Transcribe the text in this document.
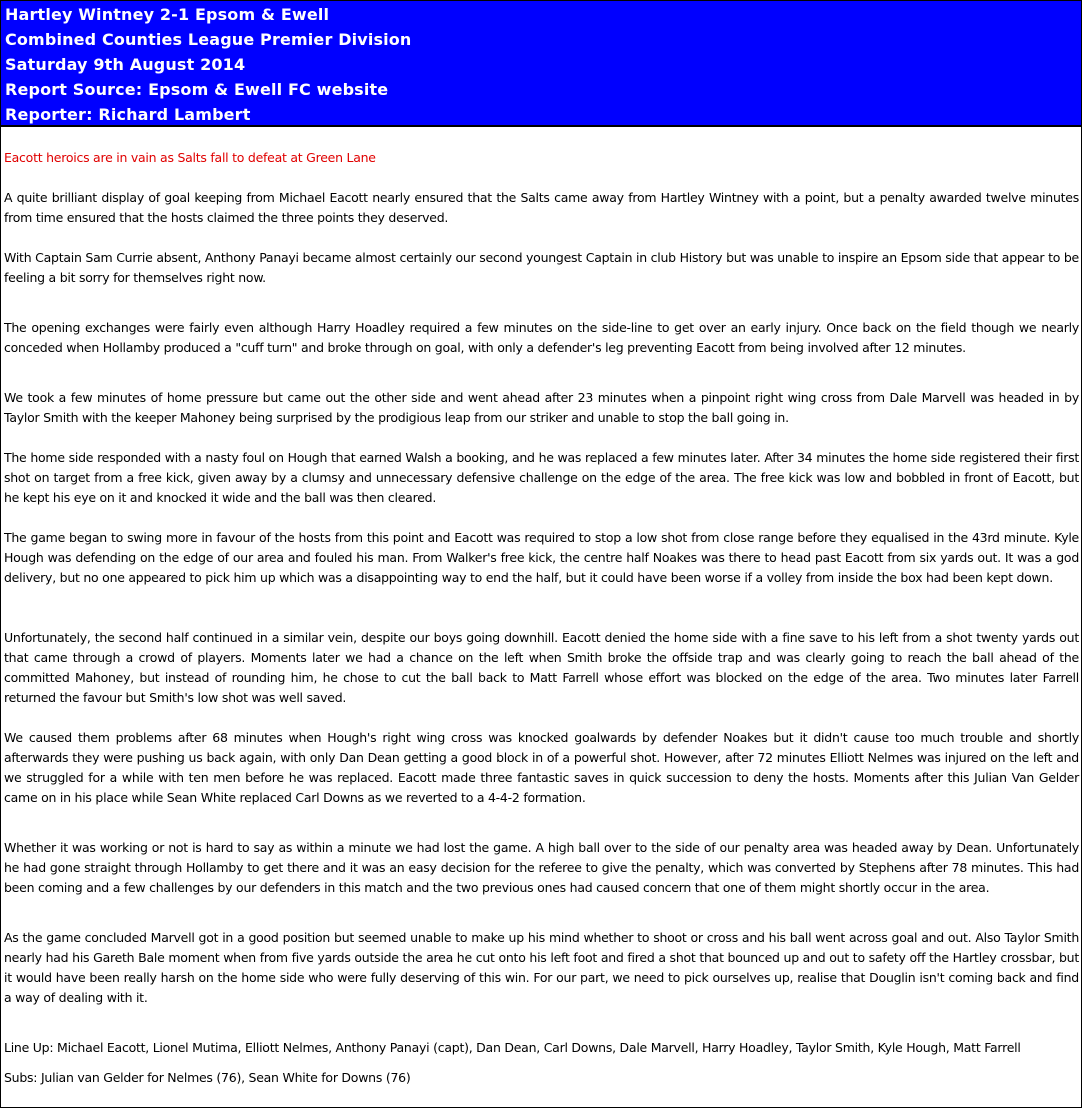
Hartley Wintney 2-1 Epsom & Ewell
Combined Counties League Premier Division
Saturday 9th August 2014
Report Source: Epsom & Ewell FC website
Reporter: Richard Lambert

Eacott heroics are in vain as Salts fall to defeat at Green Lane

A quite brilliant display of goal keeping from Michael Eacott nearly ensured that the Salts came away from Hartley Wintney with a point, but a penalty awarded twelve minutes from time ensured that the hosts claimed the three points they deserved.

With Captain Sam Currie absent, Anthony Panayi became almost certainly our second youngest Captain in club History but was unable to inspire an Epsom side that appear to be feeling a bit sorry for themselves right now.

The opening exchanges were fairly even although Harry Hoadley required a few minutes on the side-line to get over an early injury. Once back on the field though we nearly conceded when Hollamby produced a "cuff turn" and broke through on goal, with only a defender's leg preventing Eacott from being involved after 12 minutes.

We took a few minutes of home pressure but came out the other side and went ahead after 23 minutes when a pinpoint right wing cross from Dale Marvell was headed in by Taylor Smith with the keeper Mahoney being surprised by the prodigious leap from our striker and unable to stop the ball going in.

The home side responded with a nasty foul on Hough that earned Walsh a booking, and he was replaced a few minutes later. After 34 minutes the home side registered their first shot on target from a free kick, given away by a clumsy and unnecessary defensive challenge on the edge of the area. The free kick was low and bobbled in front of Eacott, but he kept his eye on it and knocked it wide and the ball was then cleared.

The game began to swing more in favour of the hosts from this point and Eacott was required to stop a low shot from close range before they equalised in the 43rd minute. Kyle Hough was defending on the edge of our area and fouled his man. From Walker's free kick, the centre half Noakes was there to head past Eacott from six yards out. It was a god delivery, but no one appeared to pick him up which was a disappointing way to end the half, but it could have been worse if a volley from inside the box had been kept down.

Unfortunately, the second half continued in a similar vein, despite our boys going downhill. Eacott denied the home side with a fine save to his left from a shot twenty yards out that came through a crowd of players. Moments later we had a chance on the left when Smith broke the offside trap and was clearly going to reach the ball ahead of the committed Mahoney, but instead of rounding him, he chose to cut the ball back to Matt Farrell whose effort was blocked on the edge of the area. Two minutes later Farrell returned the favour but Smith's low shot was well saved.

We caused them problems after 68 minutes when Hough's right wing cross was knocked goalwards by defender Noakes but it didn't cause too much trouble and shortly afterwards they were pushing us back again, with only Dan Dean getting a good block in of a powerful shot. However, after 72 minutes Elliott Nelmes was injured on the left and we struggled for a while with ten men before he was replaced. Eacott made three fantastic saves in quick succession to deny the hosts. Moments after this Julian Van Gelder came on in his place while Sean White replaced Carl Downs as we reverted to a 4-4-2 formation.

Whether it was working or not is hard to say as within a minute we had lost the game. A high ball over to the side of our penalty area was headed away by Dean. Unfortunately he had gone straight through Hollamby to get there and it was an easy decision for the referee to give the penalty, which was converted by Stephens after 78 minutes. This had been coming and a few challenges by our defenders in this match and the two previous ones had caused concern that one of them might shortly occur in the area.

As the game concluded Marvell got in a good position but seemed unable to make up his mind whether to shoot or cross and his ball went across goal and out. Also Taylor Smith nearly had his Gareth Bale moment when from five yards outside the area he cut onto his left foot and fired a shot that bounced up and out to safety off the Hartley crossbar, but it would have been really harsh on the home side who were fully deserving of this win. For our part, we need to pick ourselves up, realise that Douglin isn't coming back and find a way of dealing with it.

Line Up: Michael Eacott, Lionel Mutima, Elliott Nelmes, Anthony Panayi (capt), Dan Dean, Carl Downs, Dale Marvell, Harry Hoadley, Taylor Smith, Kyle Hough, Matt Farrell

Subs: Julian van Gelder for Nelmes (76), Sean White for Downs (76)
